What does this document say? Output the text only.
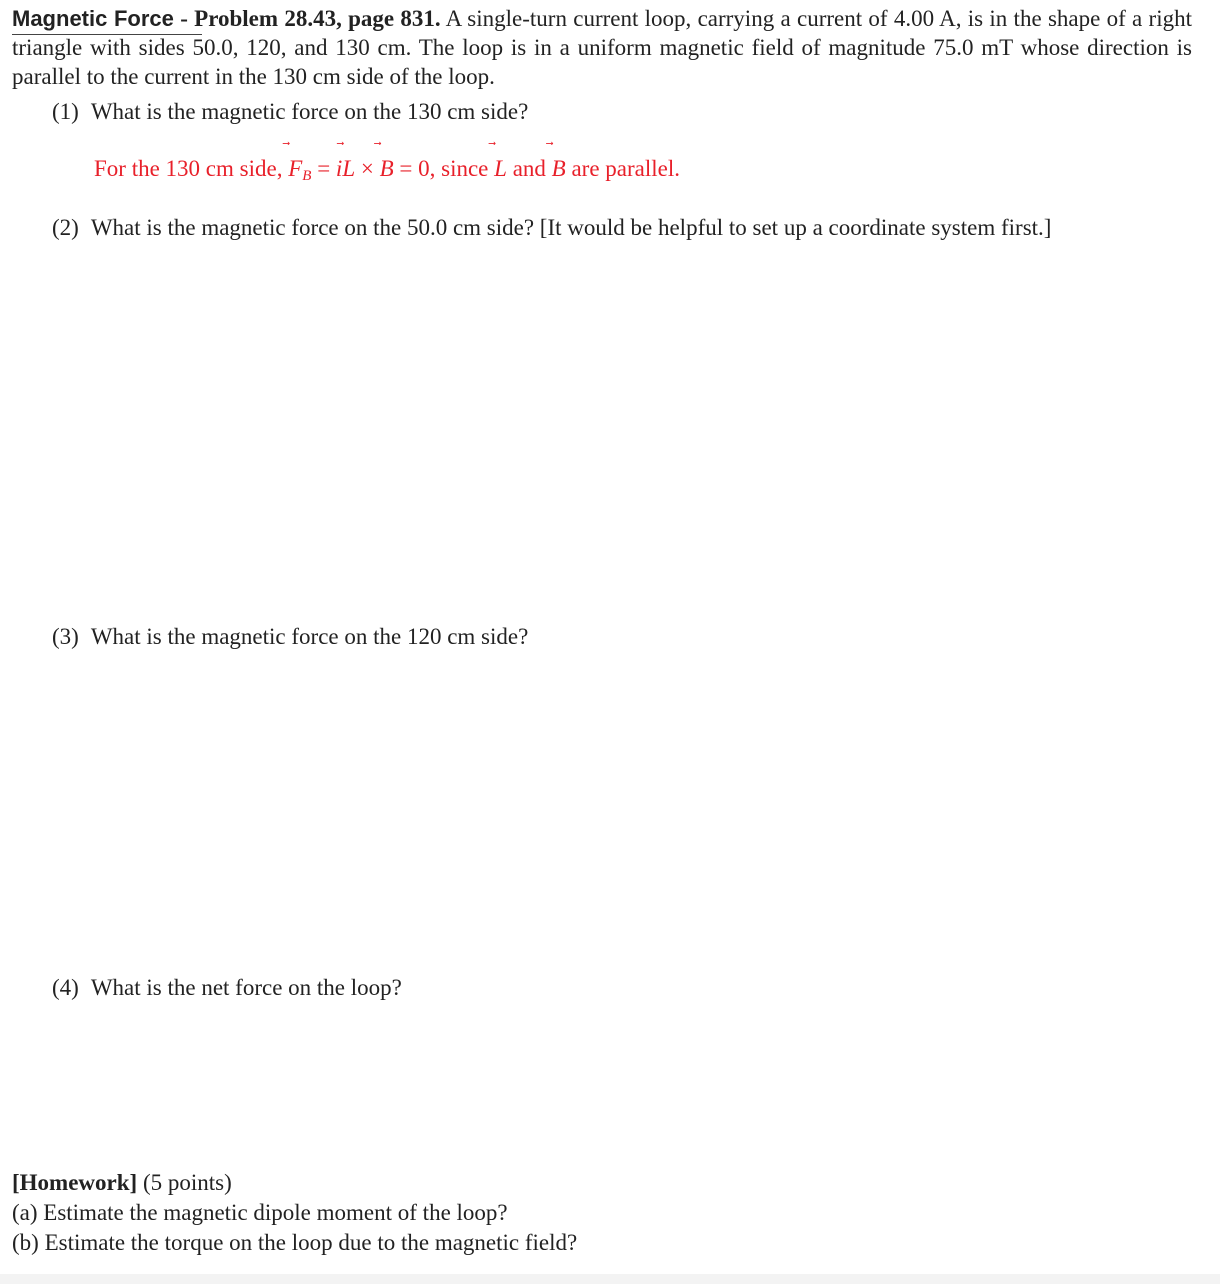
Magnetic Force - Problem 28.43, page 831. A single-turn current loop, carrying a current of 4.00 A, is in the shape of a right triangle with sides 50.0, 120, and 130 cm. The loop is in a uniform magnetic field of magnitude 75.0 mT whose direction is parallel to the current in the 130 cm side of the loop.
(1) What is the magnetic force on the 130 cm side?
For the 130 cm side, F
$_B$ = iL
× B
= 0, since L
and B
are parallel.
(2) What is the magnetic force on the 50.0 cm side? [It would be helpful to set up a coordinate system first.]
(3) What is the magnetic force on the 120 cm side?
(4) What is the net force on the loop?
[Homework] (5 points)
(a) Estimate the magnetic dipole moment of the loop?
(b) Estimate the torque on the loop due to the magnetic field?
